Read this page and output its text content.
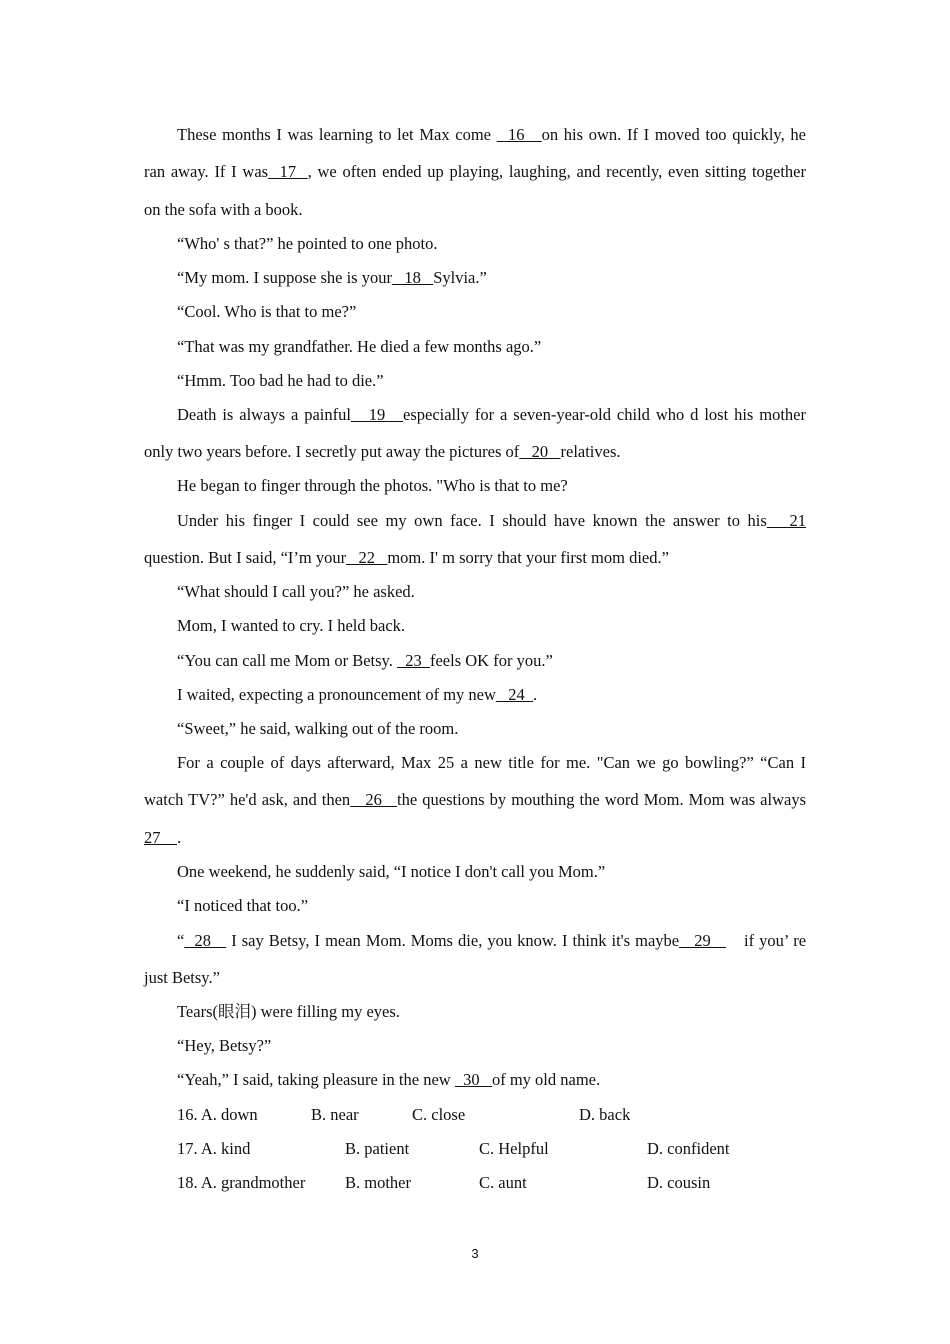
These months I was learning to let Max come   16   on his own. If I moved too quickly, he
ran away. If I was  17  , we often ended up playing, laughing, and recently, even sitting together
on the sofa with a book.
“Who' s that?” he pointed to one photo.
“My mom. I suppose she is your   18   Sylvia.”
“Cool. Who is that to me?”
“That was my grandfather. He died a few months ago.”
“Hmm. Too bad he had to die.”
Death is always a painful   19   especially for a seven-year-old child who d lost his mother
only two years before. I secretly put away the pictures of   20   relatives.
He began to finger through the photos. "Who is that to me?
Under his finger I could see my own face. I should have known the answer to his   21
question. But I said, “I’m your   22   mom. I' m sorry that your first mom died.”
“What should I call you?” he asked.
Mom, I wanted to cry. I held back.
“You can call me Mom or Betsy.   23  feels OK for you.”
I waited, expecting a pronouncement of my new   24  .
“Sweet,” he said, walking out of the room.
For a couple of days afterward, Max 25 a new title for me. "Can we go bowling?” “Can I
watch TV?” he'd ask, and then   26   the questions by mouthing the word Mom. Mom was always
27    .
One weekend, he suddenly said, “I notice I don't call you Mom.”
“I noticed that too.”
“  28    I say Betsy, I mean Mom. Moms die, you know. I think it's maybe   29   if you’ re
just Betsy.”
Tears(眼泪) were filling my eyes.
“Hey, Betsy?”
“Yeah,” I said, taking pleasure in the new   30   of my old name.
16. A. down	B. near	C. close	D. back
17. A. kind	B. patient	C. Helpful	D. confident
18. A. grandmother B. mother	C. aunt	D. cousin
3
